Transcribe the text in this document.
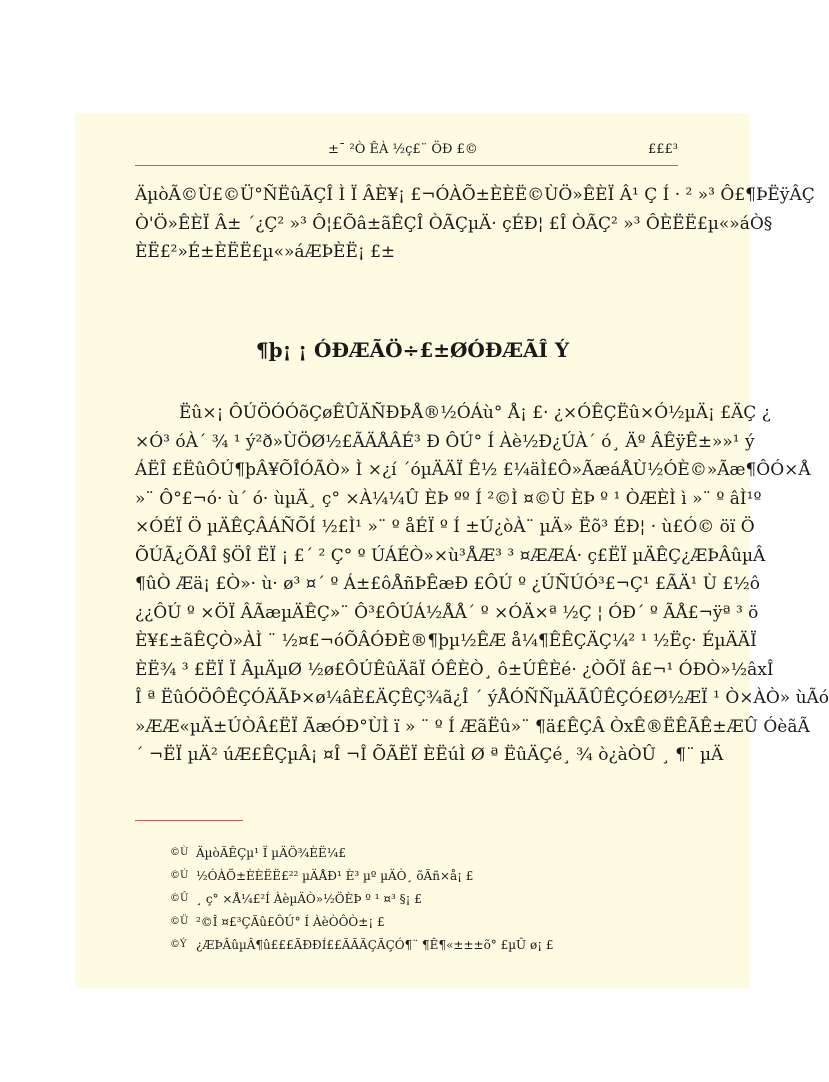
±¯ ²Ò ÊÀ ½ç£¨ ÖÐ £©	£££³
ÄµòÃ©Ù£©Ü°ÑËûÃÇÎ Ì Ï ÂÈ¥¡ £¬ÓÀÕ±ÈÈË©ÙÖ»ÊÈÏ Â¹ Ç Í · ² »³ Ô£¶ÞËÿÂÇ
Ò'Ö»ÊÈÏ Â± ´¿Ç² »³ Ô¦£Õâ±ãÊÇÎ ÒÃÇµÄ· çÉÐ¦ £Î ÒÃÇ² »³ ÔÈËË£µ«»áÒ§
ÈË£²»É±ÈËË£µ«»áÆÞÈË¡ £±
¶þ¡ ¡ ÓÐÆÃÖ÷£±ØÓÐÆÃÎ Ý
Ëû×¡ ÔÚÖÓÓõÇøÊÛÄÑÐÞÅ®½ÓÁù° Å¡ £· ¿×ÓÊÇËû×Ó½µÄ¡ £ÄÇ ¿
×Ó³ óÀ´ ¾ ¹ ý²ð»ÙÖØ½£ÃÄÅÂÉ³ Ð ÔÚ° Í Àè½Ð¿ÚÀ´ ó¸ Äº ÂÊÿÊ±»»¹ ý
ÁËÎ £ËûÔÚ¶þÂ¥ÕÎÓÃÒ» Ì ×¿í ´óµÄÄÏ Ê½ £¼äÌ£Ô»ÃæáÅÙ½ÓÈ©»Ãæ¶ÔÓ×Å
»¨ Ô°£¬ó· ù´ ó· ùµÄ¸ ç° ×À¼¼Û ÈÞ ºº Í ²©Ì ¤©Ù ÈÞ º ¹ ÒÆÈÌ ì »¨ º âÌ¹º
×ÓÉÏ Ö µÄÊÇÂÁÑÕÍ ½£Ì¹ »¨ º åÉÏ º Í ±Ú¿òÀ¨ µÄ» Ëõ³ ÉÐ¦ · ù£Ó© öï Ö
ÕÚÃ¿ÕÅÎ §ÖÎ ËÏ ¡ £´ ² Ç° º ÚÁÉÒ»×ù³ÅÆ³ ³ ¤ÆÆÁ· ç£ËÏ µÄÊÇ¿ÆÞÂûµÂ
¶ûÒ Æä¡ £Ò»· ù· ø³ ¤´ º Á±£ôÅñÞÊæÐ £ÔÚ º ¿ÚÑÚÓ³£¬Ç¹ £ÃÄ¹ Ù £½ô
¿¿ÔÚ º ×ÖÏ ÂÃæµÄÊÇ»¨ Ô³£ÔÚÁ½ÅÅ´ º ×ÓÄ×ª ½Ç ¦ ÓÐ´ º ÃÅ£¬ÿª ³ ö
È¥£±ãÊÇÒ»ÀÌ ¨ ½¤£¬óÕÂÓÐÈ®¶þµ½ÊÆ å¼¶ÊÊÇÄÇ¼² ¹ ½Ëç· ÉµÄÄÏ
ÈË¾ ³ £ËÏ Ï ÂµÄµØ ½ø£ÔÚÊûÄãÏ ÓÊÈÒ¸ ô±ÚÊÈé· ¿ÒÕÏ â£¬¹ ÓÐÒ»½âxÎ
Î ª ËûÓÖÔÊÇÓÄÃÞ×ø¼âÈ£ÄÇÊÇ¾ã¿Î ´ ýÅÓÑÑµÄÃÛÊÇÓ£Ø½ÆÏ ¹ Ò×ÀÒ» ùÃó
»ÆÆ«µÄ±ÚÒÂ£ËÏ ÃæÓÐ°ÙÌ ï » ¨ º Í ÆãËû»¨ ¶ä£ÊÇÂ ÒxÊ®ËÊÃÊ±ÆÛ ÓèãÃ
´ ¬ËÏ µÄ² úÆ£ÊÇµÂ¡ ¤Î ¬Î ÕÃËÏ ÈËúÌ Ø ª ËûÄÇé¸ ¾ ò¿àÒÛ ¸ ¶¨ µÄ
©Ù ÄµòÃÊÇµ¹ Ï µÄÖ¾ÈË¼£
©Ú ½ÓÀÕ±ÈÈËË£²² µÄÅÐ¹ È³ µº µÄÒ¸ õÃñ×å¡ £
©Û ¸ ç° ×Å¼£²Í ÀèµÄÒ»½ÖÈÞ º ¹ ¤³ §¡ £
©Ü ²©Î ¤£³ÇÃû£ÔÚ° Í ÀèÒÔÒ±¡ £
©Ý ¿ÆÞÂûµÂ¶û£££ÃÐÐÍ££ÃÃÃÇÃÇÓ¶¨ ¶Ê¶«±±±õ° £µÛ ø¡ £
